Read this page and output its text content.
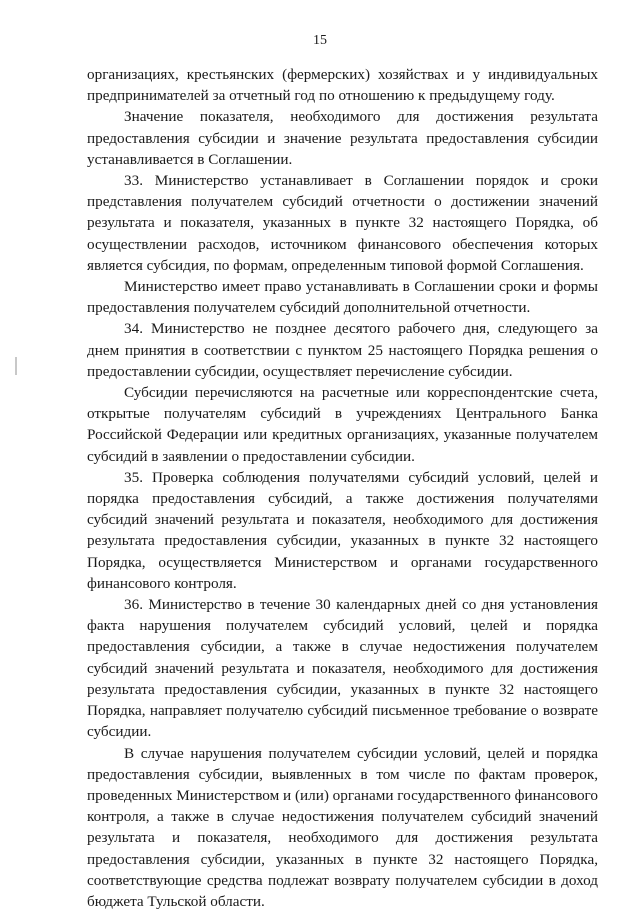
15

организациях, крестьянских (фермерских) хозяйствах и у индивидуальных предпринимателей за отчетный год по отношению к предыдущему году.

Значение показателя, необходимого для достижения результата предоставления субсидии и значение результата предоставления субсидии устанавливается в Соглашении.

33. Министерство устанавливает в Соглашении порядок и сроки представления получателем субсидий отчетности о достижении значений результата и показателя, указанных в пункте 32 настоящего Порядка, об осуществлении расходов, источником финансового обеспечения которых является субсидия, по формам, определенным типовой формой Соглашения.

Министерство имеет право устанавливать в Соглашении сроки и формы предоставления получателем субсидий дополнительной отчетности.

34. Министерство не позднее десятого рабочего дня, следующего за днем принятия в соответствии с пунктом 25 настоящего Порядка решения о предоставлении субсидии, осуществляет перечисление субсидии.

Субсидии перечисляются на расчетные или корреспондентские счета, открытые получателям субсидий в учреждениях Центрального Банка Российской Федерации или кредитных организациях, указанные получателем субсидий в заявлении о предоставлении субсидии.

35. Проверка соблюдения получателями субсидий условий, целей и порядка предоставления субсидий, а также достижения получателями субсидий значений результата и показателя, необходимого для достижения результата предоставления субсидии, указанных в пункте 32 настоящего Порядка, осуществляется Министерством и органами государственного финансового контроля.

36. Министерство в течение 30 календарных дней со дня установления факта нарушения получателем субсидий условий, целей и порядка предоставления субсидии, а также в случае недостижения получателем субсидий значений результата и показателя, необходимого для достижения результата предоставления субсидии, указанных в пункте 32 настоящего Порядка, направляет получателю субсидий письменное требование о возврате субсидии.

В случае нарушения получателем субсидии условий, целей и порядка предоставления субсидии, выявленных в том числе по фактам проверок, проведенных Министерством и (или) органами государственного финансового контроля, а также в случае недостижения получателем субсидий значений результата и показателя, необходимого для достижения результата предоставления субсидии, указанных в пункте 32 настоящего Порядка, соответствующие средства подлежат возврату получателем субсидии в доход бюджета Тульской области.
